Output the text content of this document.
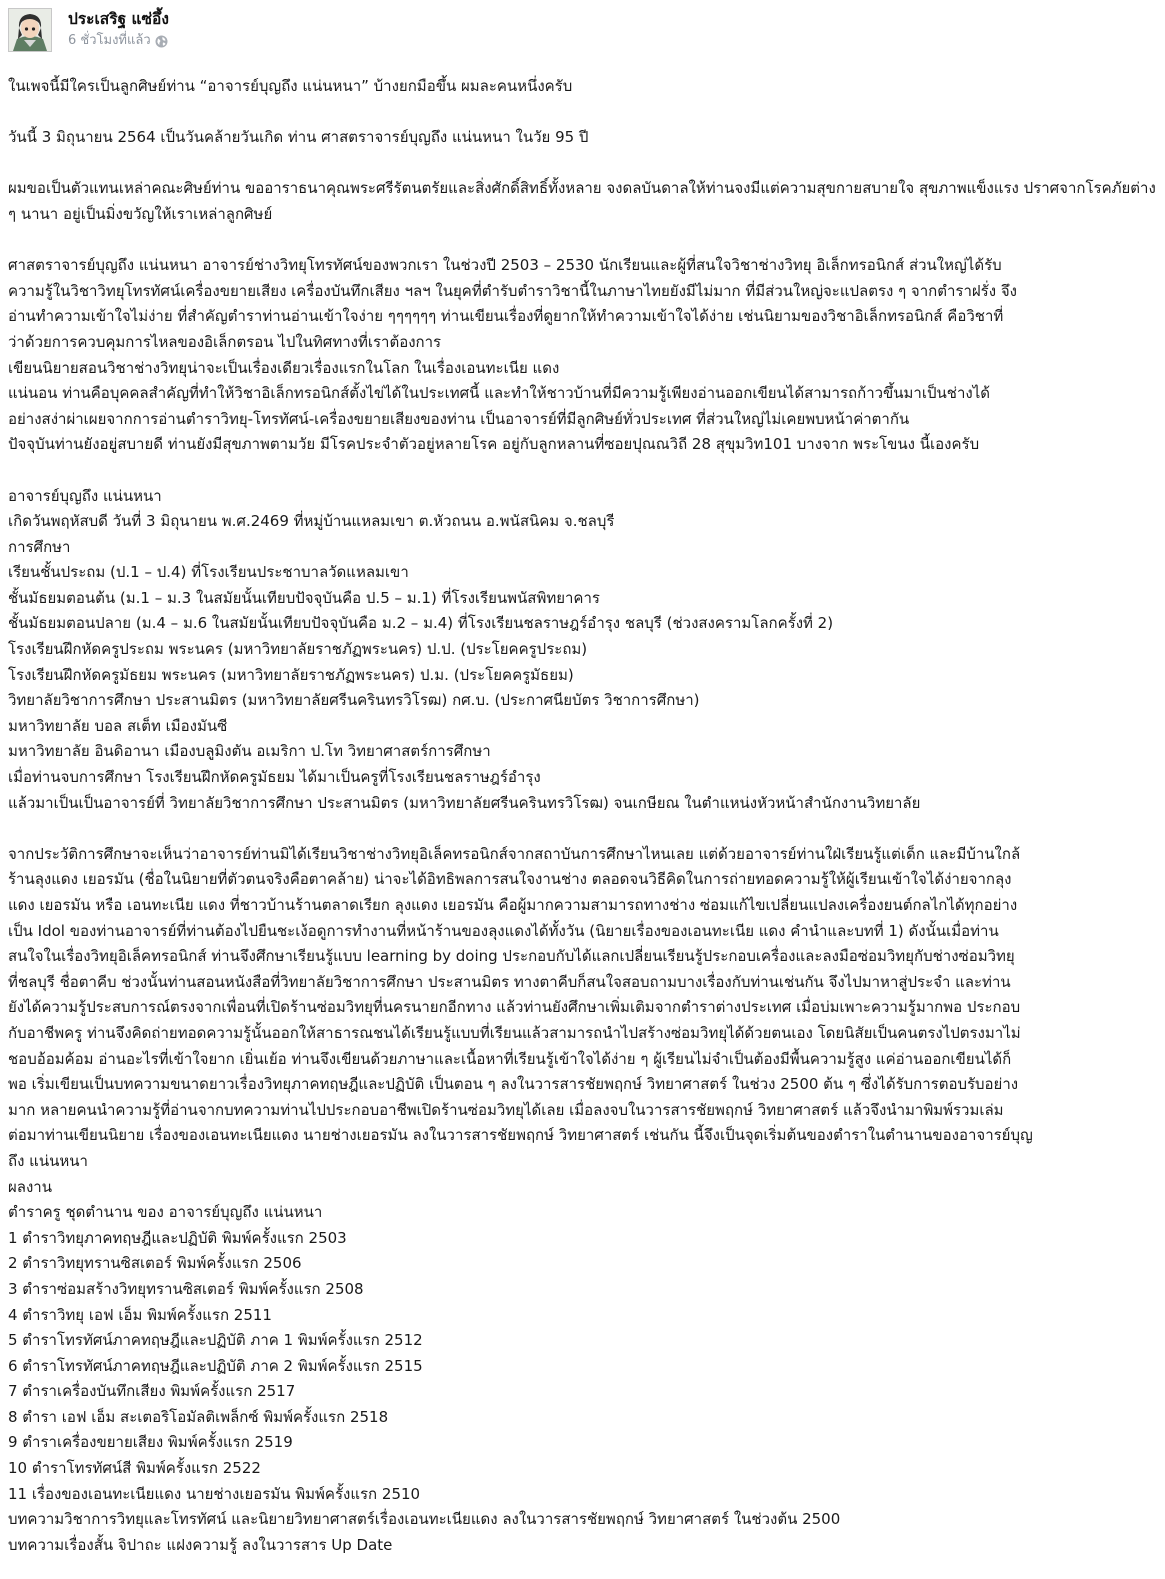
ประเสริฐ แซ่อึ้ง
6 ชั่วโมงที่แล้ว

ในเพจนี้มีใครเป็นลูกศิษย์ท่าน “อาจารย์บุญถึง แน่นหนา” บ้างยกมือขึ้น ผมละคนหนึ่งครับ

วันนี้ 3 มิถุนายน 2564 เป็นวันคล้ายวันเกิด ท่าน ศาสตราจารย์บุญถึง แน่นหนา ในวัย 95 ปี

ผมขอเป็นตัวแทนเหล่าคณะศิษย์ท่าน ขออาราธนาคุณพระศรีรัตนตรัยและสิ่งศักดิ์สิทธิ์ทั้งหลาย จงดลบันดาลให้ท่านจงมีแต่ความสุขกายสบายใจ สุขภาพแข็งแรง ปราศจากโรคภัยต่าง ๆ นานา อยู่เป็นมิ่งขวัญให้เราเหล่าลูกศิษย์

ศาสตราจารย์บุญถึง แน่นหนา อาจารย์ช่างวิทยุโทรทัศน์ของพวกเรา ในช่วงปี 2503 – 2530 นักเรียนและผู้ที่สนใจวิชาช่างวิทยุ อิเล็กทรอนิกส์ ส่วนใหญ่ได้รับ
ความรู้ในวิชาวิทยุโทรทัศน์เครื่องขยายเสียง เครื่องบันทึกเสียง ฯลฯ ในยุคที่ตำรับตำราวิชานี้ในภาษาไทยยังมีไม่มาก ที่มีส่วนใหญ่จะแปลตรง ๆ จากตำราฝรั่ง จึง
อ่านทำความเข้าใจไม่ง่าย ที่สำคัญตำราท่านอ่านเข้าใจง่าย ๆๆๆๆๆๆ ท่านเขียนเรื่องที่ดูยากให้ทำความเข้าใจได้ง่าย เช่นนิยามของวิชาอิเล็กทรอนิกส์ คือวิชาที่
ว่าด้วยการควบคุมการไหลของอิเล็กตรอน ไปในทิศทางที่เราต้องการ
เขียนนิยายสอนวิชาช่างวิทยุน่าจะเป็นเรื่องเดียวเรื่องแรกในโลก ในเรื่องเอนทะเนีย แดง
แน่นอน ท่านคือบุคคลสำคัญที่ทำให้วิชาอิเล็กทรอนิกส์ตั้งไข่ได้ในประเทศนี้ และทำให้ชาวบ้านที่มีความรู้เพียงอ่านออกเขียนได้สามารถก้าวขึ้นมาเป็นช่างได้
อย่างสง่าผ่าเผยจากการอ่านตำราวิทยุ-โทรทัศน์-เครื่องขยายเสียงของท่าน เป็นอาจารย์ที่มีลูกศิษย์ทั่วประเทศ ที่ส่วนใหญ่ไม่เคยพบหน้าค่าตากัน
ปัจจุบันท่านยังอยู่สบายดี ท่านยังมีสุขภาพตามวัย มีโรคประจำตัวอยู่หลายโรค อยู่กับลูกหลานที่ซอยปุณณวิถี 28 สุขุมวิท101 บางจาก พระโขนง นี้เองครับ
อาจารย์บุญถึง แน่นหนา
เกิดวันพฤหัสบดี วันที่ 3 มิถุนายน พ.ศ.2469 ที่หมู่บ้านแหลมเขา ต.หัวถนน อ.พนัสนิคม จ.ชลบุรี
การศึกษา
เรียนชั้นประถม (ป.1 – ป.4) ที่โรงเรียนประชาบาลวัดแหลมเขา
ชั้นมัธยมตอนต้น (ม.1 – ม.3 ในสมัยนั้นเทียบปัจจุบันคือ ป.5 – ม.1) ที่โรงเรียนพนัสพิทยาคาร
ชั้นมัธยมตอนปลาย (ม.4 – ม.6 ในสมัยนั้นเทียบปัจจุบันคือ ม.2 – ม.4) ที่โรงเรียนชลราษฎร์อำรุง ชลบุรี (ช่วงสงครามโลกครั้งที่ 2)
โรงเรียนฝึกหัดครูประถม พระนคร (มหาวิทยาลัยราชภัฏพระนคร) ป.ป. (ประโยคครูประถม)
โรงเรียนฝึกหัดครูมัธยม พระนคร (มหาวิทยาลัยราชภัฏพระนคร) ป.ม. (ประโยคครูมัธยม)
วิทยาลัยวิชาการศึกษา ประสานมิตร (มหาวิทยาลัยศรีนครินทรวิโรฒ) กศ.บ. (ประกาศนียบัตร วิชาการศึกษา)
มหาวิทยาลัย บอล สเต็ท เมืองมันซี
มหาวิทยาลัย อินดิอานา เมืองบลูมิงตัน อเมริกา ป.โท วิทยาศาสตร์การศึกษา
เมื่อท่านจบการศึกษา โรงเรียนฝึกหัดครูมัธยม ได้มาเป็นครูที่โรงเรียนชลราษฎร์อำรุง
แล้วมาเป็นเป็นอาจารย์ที่ วิทยาลัยวิชาการศึกษา ประสานมิตร (มหาวิทยาลัยศรีนครินทรวิโรฒ) จนเกษียณ ในตำแหน่งหัวหน้าสำนักงานวิทยาลัย
จากประวัติการศึกษาจะเห็นว่าอาจารย์ท่านมิได้เรียนวิชาช่างวิทยุอิเล็คทรอนิกส์จากสถาบันการศึกษาไหนเลย แต่ด้วยอาจารย์ท่านใฝ่เรียนรู้แต่เด็ก และมีบ้านใกล้
ร้านลุงแดง เยอรมัน (ชื่อในนิยายที่ตัวตนจริงคือตาคล้าย) น่าจะได้อิทธิพลการสนใจงานช่าง ตลอดจนวิธีคิดในการถ่ายทอดความรู้ให้ผู้เรียนเข้าใจได้ง่ายจากลุง
แดง เยอรมัน หรือ เอนทะเนีย แดง ที่ชาวบ้านร้านตลาดเรียก ลุงแดง เยอรมัน คือผู้มากความสามารถทางช่าง ซ่อมแก้ไขเปลี่ยนแปลงเครื่องยนต์กลไกได้ทุกอย่าง
เป็น Idol ของท่านอาจารย์ที่ท่านต้องไปยืนชะเง้อดูการทำงานที่หน้าร้านของลุงแดงได้ทั้งวัน (นิยายเรื่องของเอนทะเนีย แดง คำนำและบทที่ 1) ดังนั้นเมื่อท่าน
สนใจในเรื่องวิทยุอิเล็คทรอนิกส์ ท่านจึงศึกษาเรียนรู้แบบ learning by doing ประกอบกับได้แลกเปลี่ยนเรียนรู้ประกอบเครื่องและลงมือซ่อมวิทยุกับช่างซ่อมวิทยุ
ที่ชลบุรี ชื่อตาคีบ ช่วงนั้นท่านสอนหนังสือที่วิทยาลัยวิชาการศึกษา ประสานมิตร ทางตาคีบก็สนใจสอบถามบางเรื่องกับท่านเช่นกัน จึงไปมาหาสู่ประจำ และท่าน
ยังได้ความรู้ประสบการณ์ตรงจากเพื่อนที่เปิดร้านซ่อมวิทยุที่นครนายกอีกทาง แล้วท่านยังศึกษาเพิ่มเติมจากตำราต่างประเทศ เมื่อบ่มเพาะความรู้มากพอ ประกอบ
กับอาชีพครู ท่านจึงคิดถ่ายทอดความรู้นั้นออกให้สาธารณชนได้เรียนรู้แบบที่เรียนแล้วสามารถนำไปสร้างซ่อมวิทยุได้ด้วยตนเอง โดยนิสัยเป็นคนตรงไปตรงมาไม่
ชอบอ้อมค้อม อ่านอะไรที่เข้าใจยาก เยิ่นเย้อ ท่านจึงเขียนด้วยภาษาและเนื้อหาที่เรียนรู้เข้าใจได้ง่าย ๆ ผู้เรียนไม่จำเป็นต้องมีพื้นความรู้สูง แค่อ่านออกเขียนได้ก็
พอ เริ่มเขียนเป็นบทความขนาดยาวเรื่องวิทยุภาคทฤษฎีและปฏิบัติ เป็นตอน ๆ ลงในวารสารชัยพฤกษ์ วิทยาศาสตร์ ในช่วง 2500 ต้น ๆ ซึ่งได้รับการตอบรับอย่าง
มาก หลายคนนำความรู้ที่อ่านจากบทความท่านไปประกอบอาชีพเปิดร้านซ่อมวิทยุได้เลย เมื่อลงจบในวารสารชัยพฤกษ์ วิทยาศาสตร์ แล้วจึงนำมาพิมพ์รวมเล่ม
ต่อมาท่านเขียนนิยาย เรื่องของเอนทะเนียแดง นายช่างเยอรมัน ลงในวารสารชัยพฤกษ์ วิทยาศาสตร์ เช่นกัน นี้จึงเป็นจุดเริ่มต้นของตำราในตำนานของอาจารย์บุญ
ถึง แน่นหนา
ผลงาน
ตำราครู ชุดตำนาน ของ อาจารย์บุญถึง แน่นหนา
1 ตำราวิทยุภาคทฤษฎีและปฏิบัติ พิมพ์ครั้งแรก 2503
2 ตำราวิทยุทรานซิสเตอร์ พิมพ์ครั้งแรก 2506
3 ตำราซ่อมสร้างวิทยุทรานซิสเตอร์ พิมพ์ครั้งแรก 2508
4 ตำราวิทยุ เอฟ เอ็ม พิมพ์ครั้งแรก 2511
5 ตำราโทรทัศน์ภาคทฤษฎีและปฏิบัติ ภาค 1 พิมพ์ครั้งแรก 2512
6 ตำราโทรทัศน์ภาคทฤษฎีและปฏิบัติ ภาค 2 พิมพ์ครั้งแรก 2515
7 ตำราเครื่องบันทึกเสียง พิมพ์ครั้งแรก 2517
8 ตำรา เอฟ เอ็ม สะเตอริโอมัลติเพล็กซ์ พิมพ์ครั้งแรก 2518
9 ตำราเครื่องขยายเสียง พิมพ์ครั้งแรก 2519
10 ตำราโทรทัศน์สี พิมพ์ครั้งแรก 2522
11 เรื่องของเอนทะเนียแดง นายช่างเยอรมัน พิมพ์ครั้งแรก 2510
บทความวิชาการวิทยุและโทรทัศน์ และนิยายวิทยาศาสตร์เรื่องเอนทะเนียแดง ลงในวารสารชัยพฤกษ์ วิทยาศาสตร์ ในช่วงต้น 2500
บทความเรื่องสั้น จิปาถะ แฝงความรู้ ลงในวารสาร Up Date
